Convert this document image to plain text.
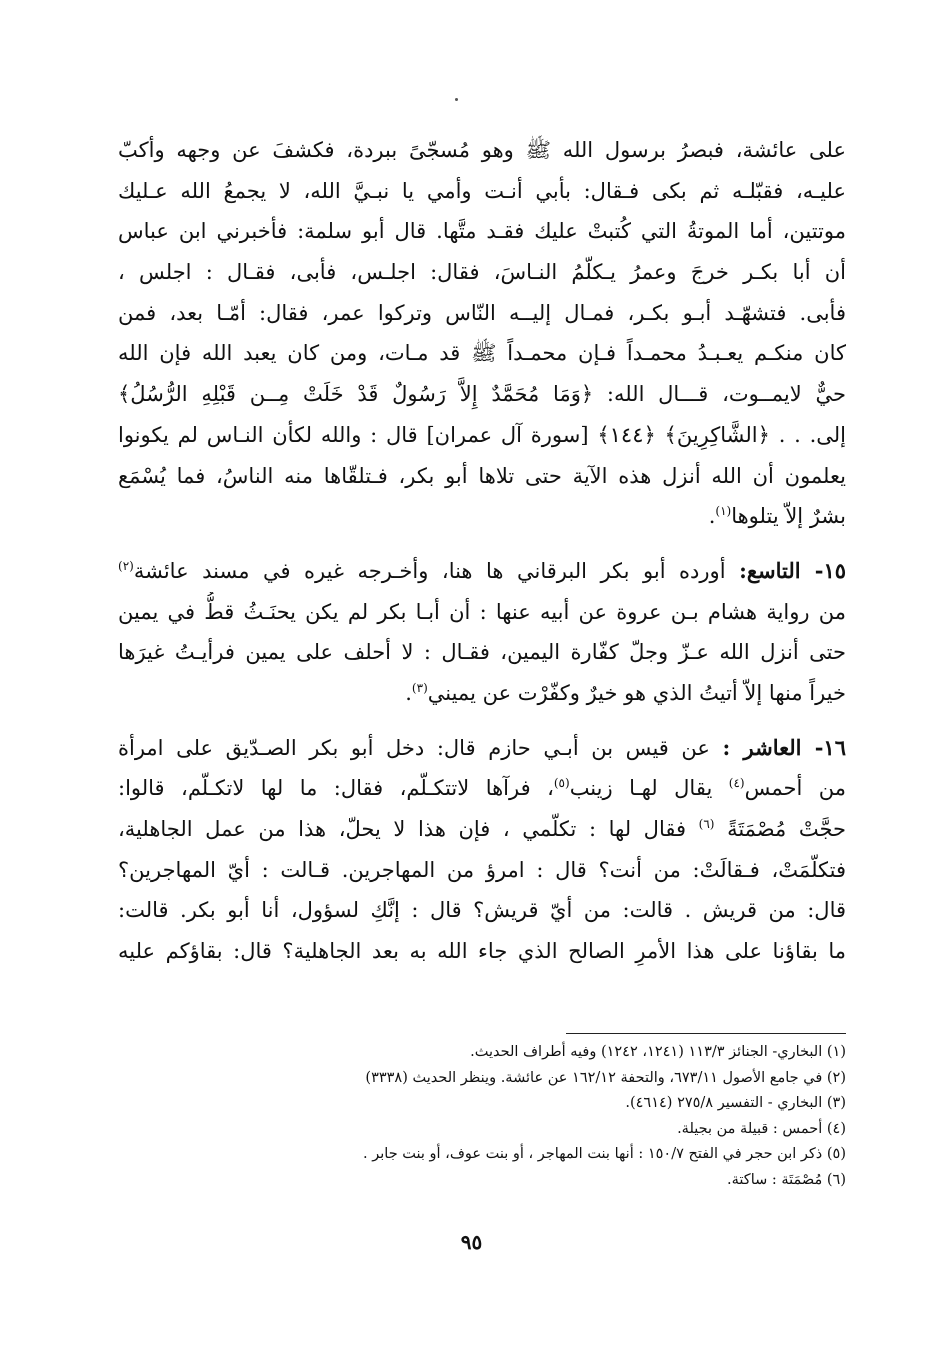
على عائشة، فبصرُ برسول الله ﷺ وهو مُسجّىً ببردة، فكشفَ عن وجهه وأكبّ
عليـه، فقبّلـه ثم بكى فـقال: بأبي أنـت وأمي يا نبـيَّ الله، لا يجمعُ الله عـليك
موتتين، أما الموتةُ التي كُتبتْ عليك فقـد متَّها. قال أبو سلمة: فأخبرني ابن عباس
أن أبا بكـر خرجَ وعمرُ يـكلّمُ النـاسَ، فقال: اجلـس، فأبى، فقـال : اجلس ،
فأبى. فتشهّـد أبـو بكـر، فمـال إليــه النّاس وتركوا عمر، فقال: أمّـا بعد، فمن
كان منكـم يعـبـدُ محمـداً فـإن محمـداً ﷺ قد مـات، ومن كان يعبد الله فإن الله
حيٌّ لايمــوت، قـــال الله: ﴿وَمَا مُحَمَّدٌ إِلاَّ رَسُولٌ قَدْ خَلَتْ مِــن قَبْلِهِ الرُّسُلُ﴾
إلى. . . ﴿الشَّاكِرِينَ﴾ ﴿١٤٤﴾ [سورة آل عمران] قال : والله لكأن النـاس لم يكونوا
يعلمون أن الله أنزل هذه الآية حتى تلاها أبو بكر، فـتلقّاها منه الناسُ، فما يُسْمَع
بشرٌ إلاّ يتلوها$^{(١)}$.
١٥- التاسع: أورده أبو بكر البرقاني ها هنا، وأخـرجه غيره في مسند عائشة$^{(٢)}$
من رواية هشام بـن عروة عن أبيه عنها : أن أبـا بكر لم يكن يحنَـثُ قطُّ في يمين
حتى أنزل الله عـزّ وجلّ كفّارة اليمين، فقـال : لا أحلف على يمين فرأيـتُ غيرَها
خيراً منها إلاّ أتيتُ الذي هو خيرٌ وكفّرْت عن يميني$^{(٣)}$.
١٦- العاشر : عن قيس بن أبـي حازم قال: دخل أبو بكر الصـدّيق على امرأة
من أحمس$^{(٤)}$ يقال لهـا زينب$^{(٥)}$، فرآها لاتتكـلّم، فقال: ما لها لاتكـلّم، قالوا:
حجَّتْ مُصْمَتَةً $^{(٦)}$ فقال لها : تكلّمي ، فإن هذا لا يحلّ، هذا من عمل الجاهلية،
فتكلّمَتْ، فـقالَتْ: من أنت؟ قال : امرؤ من المهاجرين. قـالت : أيّ المهاجرين؟
قال: من قريش . قالت: من أيّ قريش؟ قال : إنَّكِ لسؤول، أنا أبو بكر. قالت:
ما بقاؤنا على هذا الأمرِ الصالح الذي جاء الله به بعد الجاهلية؟ قال: بقاؤكم عليه
(١) البخاري- الجنائز ١١٣/٣ (١٢٤١، ١٢٤٢) وفيه أطراف الحديث.
(٢) في جامع الأصول ٦٧٣/١١، والتحفة ١٦٢/١٢ عن عائشة. وينظر الحديث (٣٣٣٨)
(٣) البخاري - التفسير ٢٧٥/٨ (٤٦١٤).
(٤) أحمس : قبيلة من بجيلة.
(٥) ذكر ابن حجر في الفتح ١٥٠/٧ : أنها بنت المهاجر ، أو بنت عوف، أو بنت جابر .
(٦) مُصْمَتَة : ساكتة.
٩٥
